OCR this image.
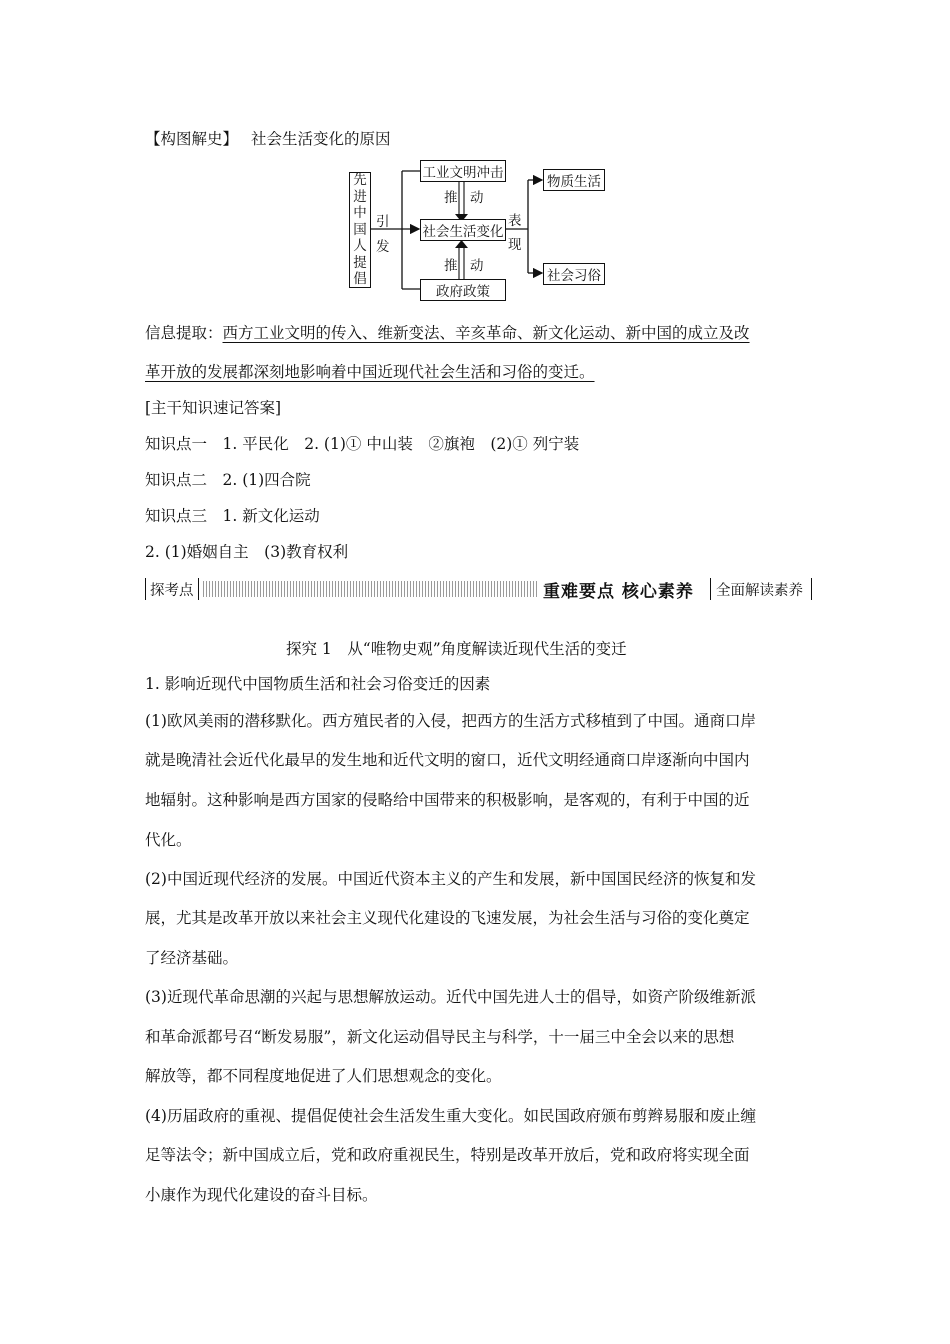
【构图解史】 社会生活变化的原因
先
进
中
国
人
提
倡
引
发
工业文明冲击
推 动
社会生活变化
推 动
政府政策
表
现
物质生活
社会习俗
信息提取：西方工业文明的传入、维新变法、辛亥革命、新文化运动、新中国的成立及改
革开放的发展都深刻地影响着中国近现代社会生活和习俗的变迁。
[主干知识速记答案]
知识点一　1. 平民化　2. (1)① 中山装　②旗袍　(2)① 列宁装
知识点二　2. (1)四合院
知识点三　1. 新文化运动
2. (1)婚姻自主　(3)教育权利
探考点	重难要点 核心素养 全面解读素养
探究 1　从“唯物史观”角度解读近现代生活的变迁
1. 影响近现代中国物质生活和社会习俗变迁的因素
(1)欧风美雨的潜移默化。西方殖民者的入侵，把西方的生活方式移植到了中国。通商口岸
就是晚清社会近代化最早的发生地和近代文明的窗口，近代文明经通商口岸逐渐向中国内
地辐射。这种影响是西方国家的侵略给中国带来的积极影响，是客观的，有利于中国的近
代化。
(2)中国近现代经济的发展。中国近代资本主义的产生和发展，新中国国民经济的恢复和发
展，尤其是改革开放以来社会主义现代化建设的飞速发展，为社会生活与习俗的变化奠定
了经济基础。
(3)近现代革命思潮的兴起与思想解放运动。近代中国先进人士的倡导，如资产阶级维新派
和革命派都号召“断发易服”，新文化运动倡导民主与科学，十一届三中全会以来的思想
解放等，都不同程度地促进了人们思想观念的变化。
(4)历届政府的重视、提倡促使社会生活发生重大变化。如民国政府颁布剪辫易服和废止缠
足等法令；新中国成立后，党和政府重视民生，特别是改革开放后，党和政府将实现全面
小康作为现代化建设的奋斗目标。
